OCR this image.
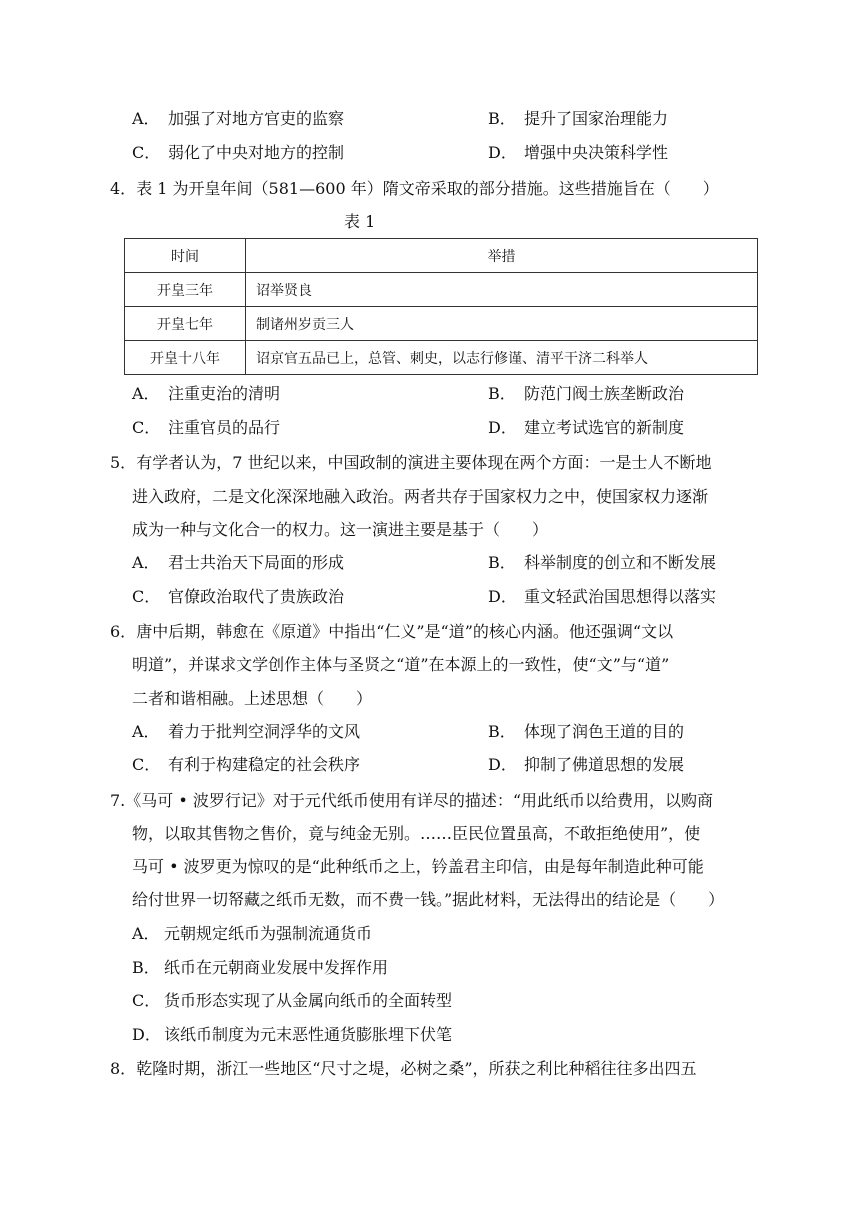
A． 加强了对地方官吏的监察	B． 提升了国家治理能力
C． 弱化了中央对地方的控制	D． 增强中央决策科学性
4．表 1 为开皇年间（581—600 年）隋文帝采取的部分措施。这些措施旨在（　　）
表 1
时间	举措
开皇三年	诏举贤良
开皇七年	制诸州岁贡三人
开皇十八年	诏京官五品已上，总管、刺史，以志行修谨、清平干济二科举人
A． 注重吏治的清明	B． 防范门阀士族垄断政治
C． 注重官员的品行	D． 建立考试选官的新制度
5．有学者认为，7 世纪以来，中国政制的演进主要体现在两个方面：一是士人不断地
进入政府，二是文化深深地融入政治。两者共存于国家权力之中，使国家权力逐渐
成为一种与文化合一的权力。这一演进主要是基于（　　）
A． 君士共治天下局面的形成	B． 科举制度的创立和不断发展
C． 官僚政治取代了贵族政治	D． 重文轻武治国思想得以落实
6．唐中后期，韩愈在《原道》中指出“仁义”是“道”的核心内涵。他还强调“文以
明道”，并谋求文学创作主体与圣贤之“道”在本源上的一致性，使“文”与“道”
二者和谐相融。上述思想（　　）
A． 着力于批判空洞浮华的文风	B． 体现了润色王道的目的
C． 有利于构建稳定的社会秩序	D． 抑制了佛道思想的发展
7.《马可 • 波罗行记》对于元代纸币使用有详尽的描述：“用此纸币以给费用，以购商
物，以取其售物之售价，竟与纯金无别。……臣民位置虽高，不敢拒绝使用”，使
马可 • 波罗更为惊叹的是“此种纸币之上，钤盖君主印信，由是每年制造此种可能
给付世界一切帑藏之纸币无数，而不费一钱。”据此材料，无法得出的结论是（　　）
A． 元朝规定纸币为强制流通货币
B． 纸币在元朝商业发展中发挥作用
C． 货币形态实现了从金属向纸币的全面转型
D． 该纸币制度为元末恶性通货膨胀埋下伏笔
8．乾隆时期，浙江一些地区“尺寸之堤，必树之桑”，所获之利比种稻往往多出四五
